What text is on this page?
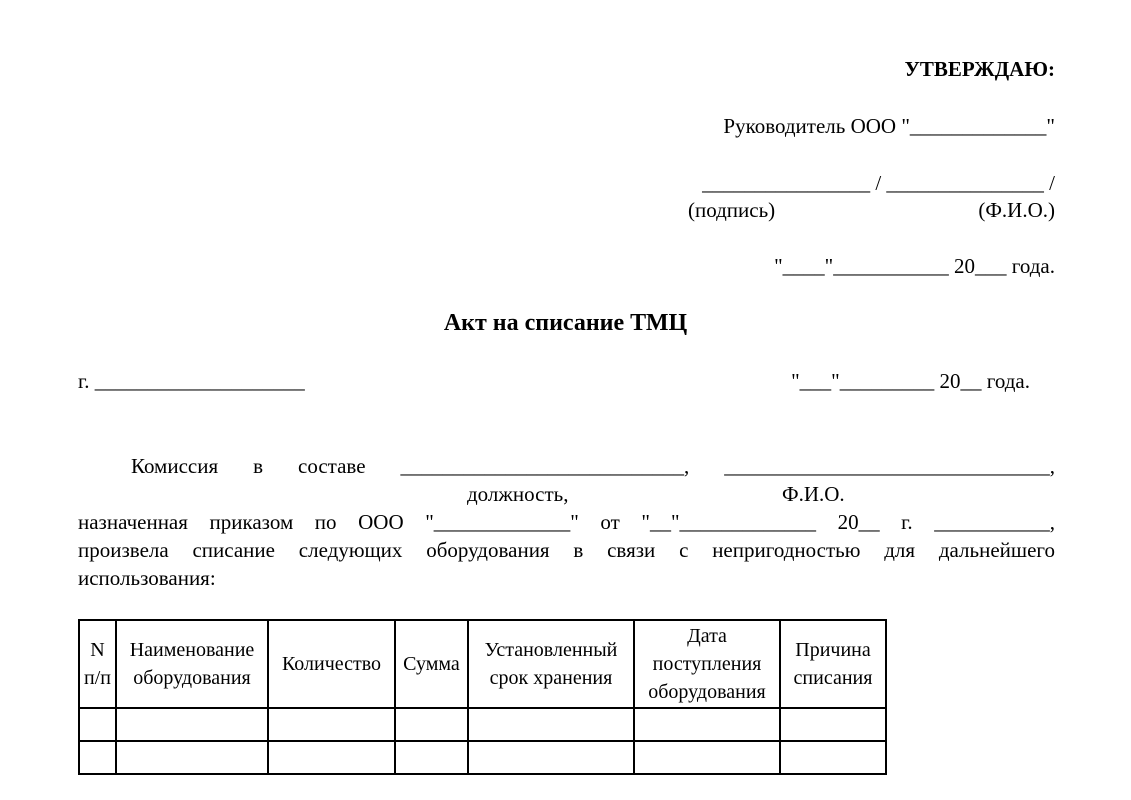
УТВЕРЖДАЮ:
Руководитель ООО "_____________"
________________ / _______________ /
(подпись)	(Ф.И.О.)
"____"___________ 20___ года.
Акт на списание ТМЦ
г. ____________________	"___"_________ 20__ года.
Комиссия в составе ___________________________, _______________________________,
должность,	Ф.И.О.
назначенная приказом по ООО "_____________" от "__"_____________ 20__ г. ___________,
произвела списание следующих оборудования в связи с непригодностью для дальнейшего
использования:
N п/п	Наименование оборудования	Количество	Сумма	Установленный срок хранения	Дата поступления оборудования	Причина списания
